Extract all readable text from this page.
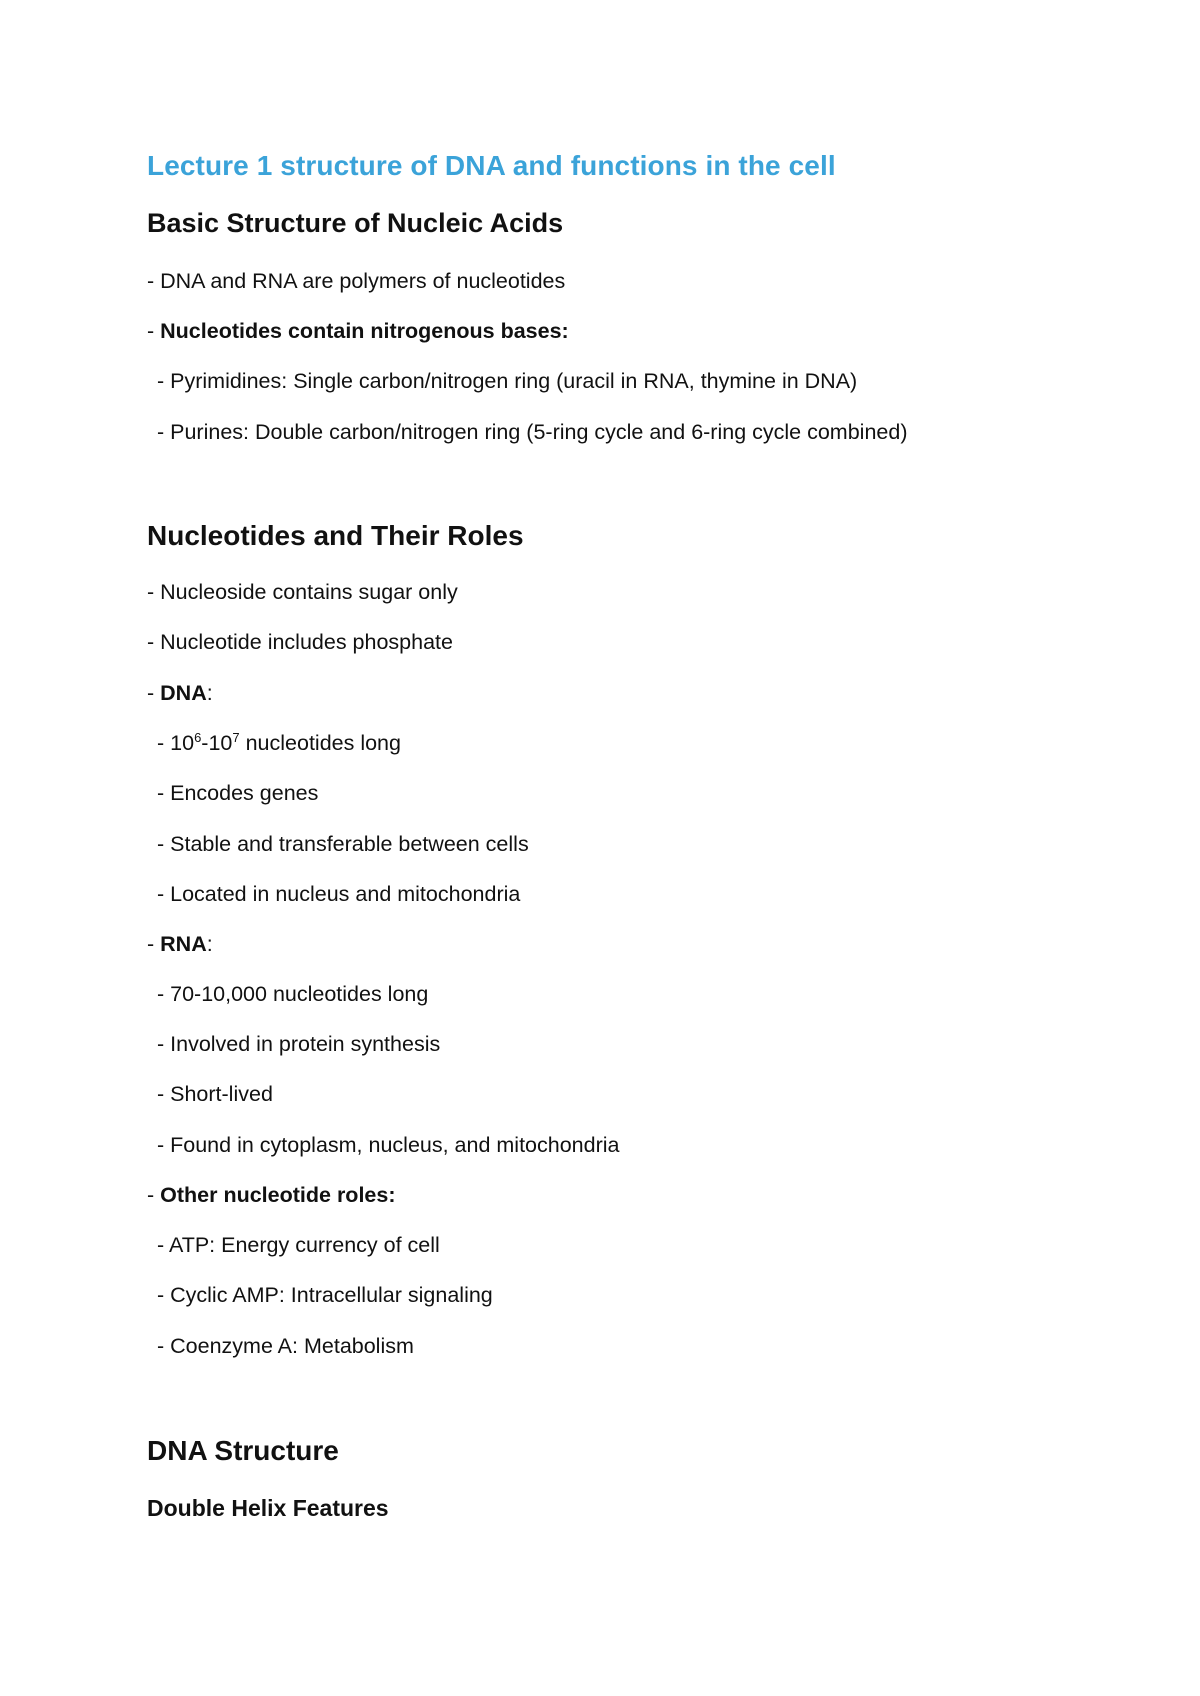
Lecture 1 structure of DNA and functions in the cell
Basic Structure of Nucleic Acids
- DNA and RNA are polymers of nucleotides
- Nucleotides contain nitrogenous bases:
- Pyrimidines: Single carbon/nitrogen ring (uracil in RNA, thymine in DNA)
- Purines: Double carbon/nitrogen ring (5-ring cycle and 6-ring cycle combined)
Nucleotides and Their Roles
- Nucleoside contains sugar only
- Nucleotide includes phosphate
- DNA:
- $10^6-10^7$ nucleotides long
- Encodes genes
- Stable and transferable between cells
- Located in nucleus and mitochondria
- RNA:
- 70-10,000 nucleotides long
- Involved in protein synthesis
- Short-lived
- Found in cytoplasm, nucleus, and mitochondria
- Other nucleotide roles:
- ATP: Energy currency of cell
- Cyclic AMP: Intracellular signaling
- Coenzyme A: Metabolism
DNA Structure
Double Helix Features
